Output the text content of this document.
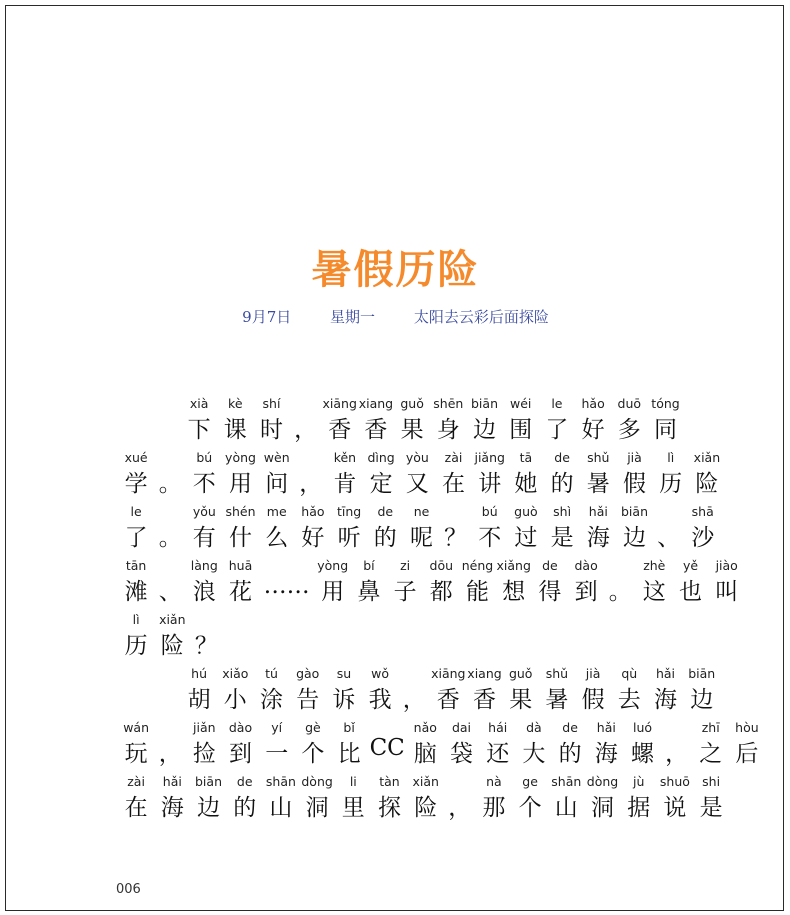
暑假历险
9月7日	星期一	太阳去云彩后面探险
xià
下
kè
课
shí
时 ，
xiāng
香
xiang
香
guǒ
果
shēn
身
biān
边
wéi
围
le
了
hǎo
好
duō
多
tóng
同
xué
学 。
bú
不
yòng
用
wèn
问 ，
kěn
肯
dìng
定
yòu
又
zài
在
jiǎng
讲
tā
她
de
的
shǔ
暑
jià
假
lì
历
xiǎn
险
le
了 。
yǒu
有
shén
什
me
么
hǎo
好
tīng
听
de
的
ne
呢 ？
bú
不
guò
过
shì
是
hǎi
海
biān
边 、
shā
沙
tān
滩 、
làng
浪
huā
花 ……
yòng
用
bí
鼻
zi
子
dōu
都
néng
能
xiǎng
想
de
得
dào
到 。
zhè
这
yě
也
jiào
叫
lì
历
xiǎn
险 ？
hú
胡
xiǎo
小
tú
涂
gào
告
su
诉
wǒ
我 ，
xiāng
香
xiang
香
guǒ
果
shǔ
暑
jià
假
qù
去
hǎi
海
biān
边
wán
玩 ，
jiǎn
捡
dào
到
yí
一
gè
个
bǐ
比 CC
nǎo
脑
dai
袋
hái
还
dà
大
de
的
hǎi
海
luó
螺 ，
zhī
之
hòu
后
zài
在
hǎi
海
biān
边
de
的
shān
山
dòng
洞
li
里
tàn
探
xiǎn
险 ，
nà
那
ge
个
shān
山
dòng
洞
jù
据
shuō
说
shi
是
006
